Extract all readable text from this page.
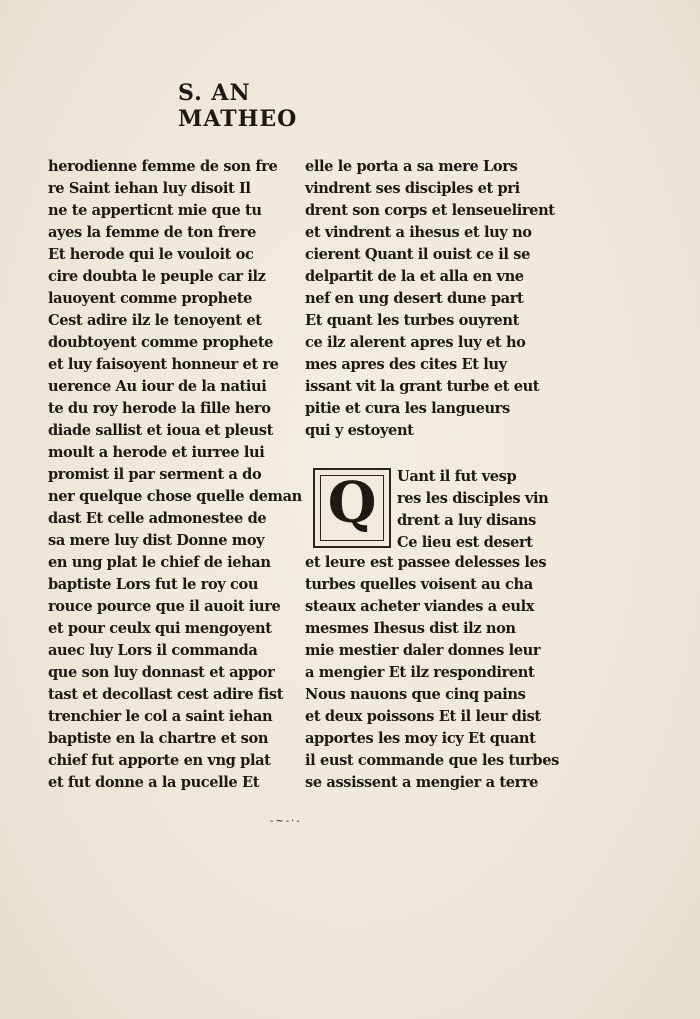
S. AN MATHEO
herodienne femme de son fre
re Saint iehan luy disoit Il
ne te apperticnt mie que tu
ayes la femme de ton frere
Et herode qui le vouloit oc
cire doubta le peuple car ilz
lauoyent comme prophete
Cest adire ilz le tenoyent et
doubtoyent comme prophete
et luy faisoyent honneur et re
uerence Au iour de la natiui
te du roy herode la fille hero
diade sallist et ioua et pleust
moult a herode et iurree lui
promist il par serment a do
ner quelque chose quelle deman
dast Et celle admonestee de
sa mere luy dist Donne moy
en ung plat le chief de iehan
baptiste Lors fut le roy cou
rouce pource que il auoit iure
et pour ceulx qui mengoyent
auec luy Lors il commanda
que son luy donnast et appor
tast et decollast cest adire fist
trenchier le col a saint iehan
baptiste en la chartre et son
chief fut apporte en vng plat
et fut donne a la pucelle Et
elle le porta a sa mere Lors
vindrent ses disciples et pri
drent son corps et lenseuelirent
et vindrent a ihesus et luy no
cierent Quant il ouist ce il se
delpartit de la et alla en vne
nef en ung desert dune part
Et quant les turbes ouyrent
ce ilz alerent apres luy et ho
mes apres des cites Et luy
issant vit la grant turbe et eut
pitie et cura les langueurs
qui y estoyent
Q	Uant il fut vesp
res les disciples vin
drent a luy disans
Ce lieu est desert
et leure est passee delesses les
turbes quelles voisent au cha
steaux acheter viandes a eulx
mesmes Ihesus dist ilz non
mie mestier daler donnes leur
a mengier Et ilz respondirent
Nous nauons que cinq pains
et deux poissons Et il leur dist
apportes les moy icy Et quant
il eust commande que les turbes
se assissent a mengier a terre
-~-·-
